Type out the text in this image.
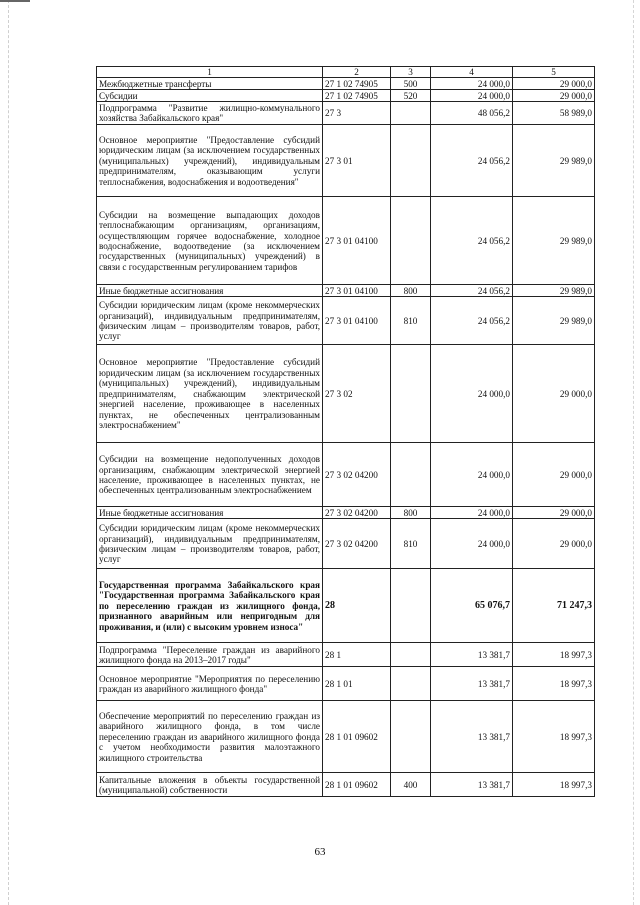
1	2	3	4	5
Межбюджетные трансферты	27 1 02 74905	500	24 000,0	29 000,0
Субсидии	27 1 02 74905	520	24 000,0	29 000,0
Подпрограмма "Развитие жилищно-коммунального хозяйства Забайкальского края"	27 3		48 056,2	58 989,0
Основное мероприятие "Предоставление субсидий юридическим лицам (за исключением государственных (муниципальных) учреждений), индивидуальным предпринимателям, оказывающим услуги теплоснабжения, водоснабжения и водоотведения"	27 3 01		24 056,2	29 989,0
Субсидии на возмещение выпадающих доходов теплоснабжающим организациям, организациям, осуществляющим горячее водоснабжение, холодное водоснабжение, водоотведение (за исключением государственных (муниципальных) учреждений) в связи с государственным регулированием тарифов	27 3 01 04100		24 056,2	29 989,0
Иные бюджетные ассигнования	27 3 01 04100	800	24 056,2	29 989,0
Субсидии юридическим лицам (кроме некоммерческих организаций), индивидуальным предпринимателям, физическим лицам – производителям товаров, работ, услуг	27 3 01 04100	810	24 056,2	29 989,0
Основное мероприятие "Предоставление субсидий юридическим лицам (за исключением государственных (муниципальных) учреждений), индивидуальным предпринимателям, снабжающим электрической энергией население, проживающее в населенных пунктах, не обеспеченных централизованным электроснабжением"	27 3 02		24 000,0	29 000,0
Субсидии на возмещение недополученных доходов организациям, снабжающим электрической энергией население, проживающее в населенных пунктах, не обеспеченных централизованным электроснабжением	27 3 02 04200		24 000,0	29 000,0
Иные бюджетные ассигнования	27 3 02 04200	800	24 000,0	29 000,0
Субсидии юридическим лицам (кроме некоммерческих организаций), индивидуальным предпринимателям, физическим лицам – производителям товаров, работ, услуг	27 3 02 04200	810	24 000,0	29 000,0
Государственная программа Забайкальского края "Государственная программа Забайкальского края по переселению граждан из жилищного фонда, признанного аварийным или непригодным для проживания, и (или) с высоким уровнем износа"	28		65 076,7	71 247,3
Подпрограмма "Переселение граждан из аварийного жилищного фонда на 2013–2017 годы"	28 1		13 381,7	18 997,3
Основное мероприятие "Мероприятия по переселению граждан из аварийного жилищного фонда"	28 1 01		13 381,7	18 997,3
Обеспечение мероприятий по переселению граждан из аварийного жилищного фонда, в том числе переселению граждан из аварийного жилищного фонда с учетом необходимости развития малоэтажного жилищного строительства	28 1 01 09602		13 381,7	18 997,3
Капитальные вложения в объекты государственной (муниципальной) собственности	28 1 01 09602	400	13 381,7	18 997,3
63
